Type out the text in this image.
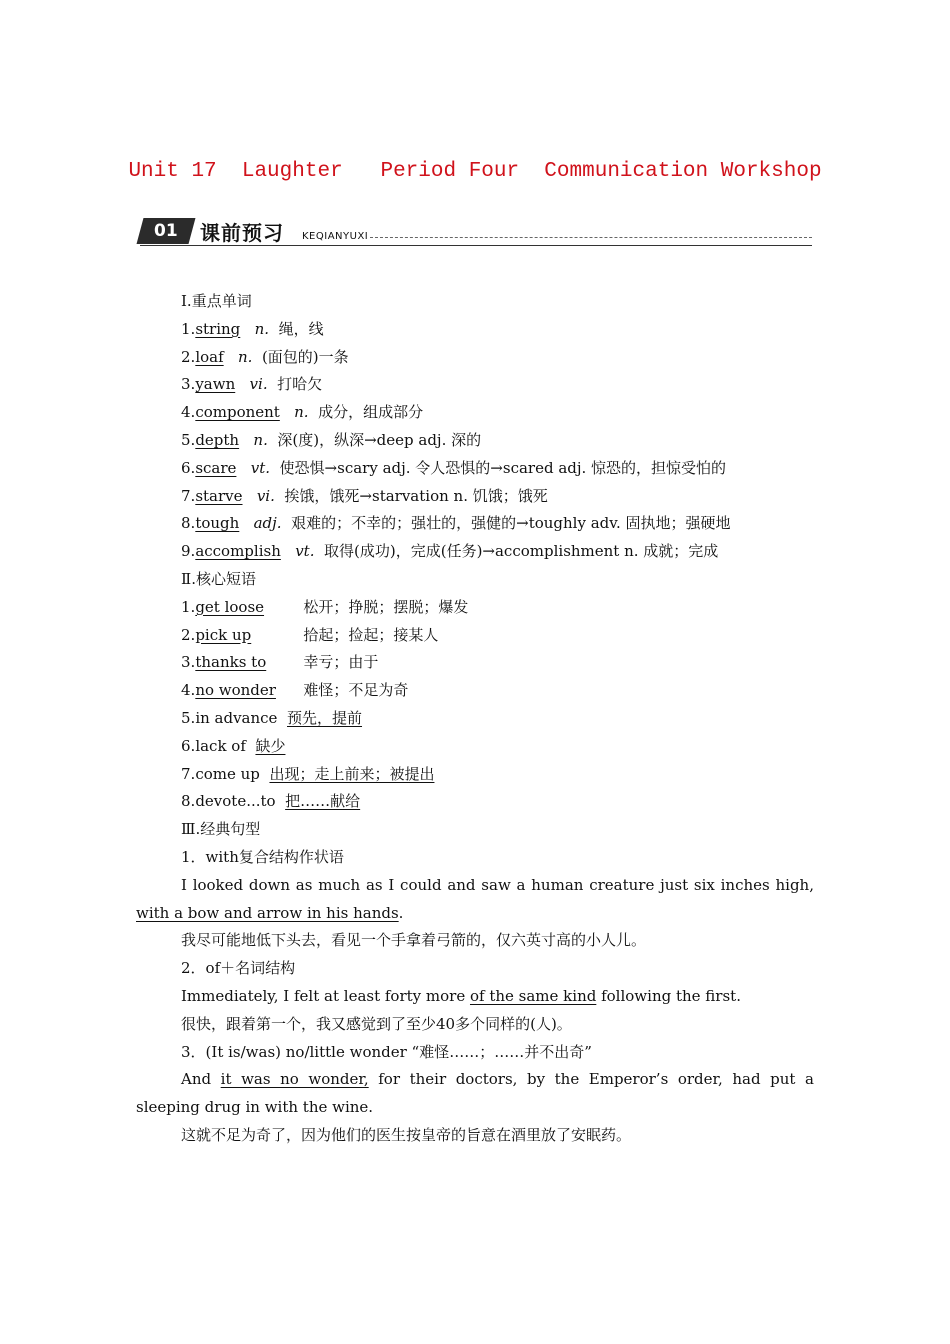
Unit 17  Laughter   Period Four  Communication Workshop
01	课前预习 KEQIANYUXI
Ⅰ.重点单词
1.string n. 绳，线
2.loaf n. (面包的)一条
3.yawn vi. 打哈欠
4.component n. 成分，组成部分
5.depth n. 深(度)，纵深→deep adj. 深的
6.scare vt. 使恐惧→scary adj. 令人恐惧的→scared adj. 惊恐的，担惊受怕的
7.starve vi. 挨饿，饿死→starvation n. 饥饿；饿死
8.tough adj. 艰难的；不幸的；强壮的，强健的→toughly adv. 固执地；强硬地
9.accomplish vt. 取得(成功)，完成(任务)→accomplishment n. 成就；完成
Ⅱ.核心短语
1.get loose	松开；挣脱；摆脱；爆发
2.pick up	拾起；捡起；接某人
3.thanks to 幸亏；由于
4.no wonder 难怪；不足为奇
5.in advance 预先，提前
6.lack of 缺少
7.come up 出现；走上前来；被提出
8.devote...to 把……献给
Ⅲ.经典句型
1．with复合结构作状语
I looked down as much as I could and saw a human creature just six inches high, with a bow and arrow in his hands.
我尽可能地低下头去，看见一个手拿着弓箭的，仅六英寸高的小人儿。
2．of＋名词结构
Immediately, I felt at least forty more of the same kind following the first.
很快，跟着第一个，我又感觉到了至少40多个同样的(人)。
3．(It is/was) no/little wonder “难怪……；……并不出奇”
And it was no wonder, for their doctors, by the Emperor’s order, had put a sleeping drug in with the wine.
这就不足为奇了，因为他们的医生按皇帝的旨意在酒里放了安眠药。
